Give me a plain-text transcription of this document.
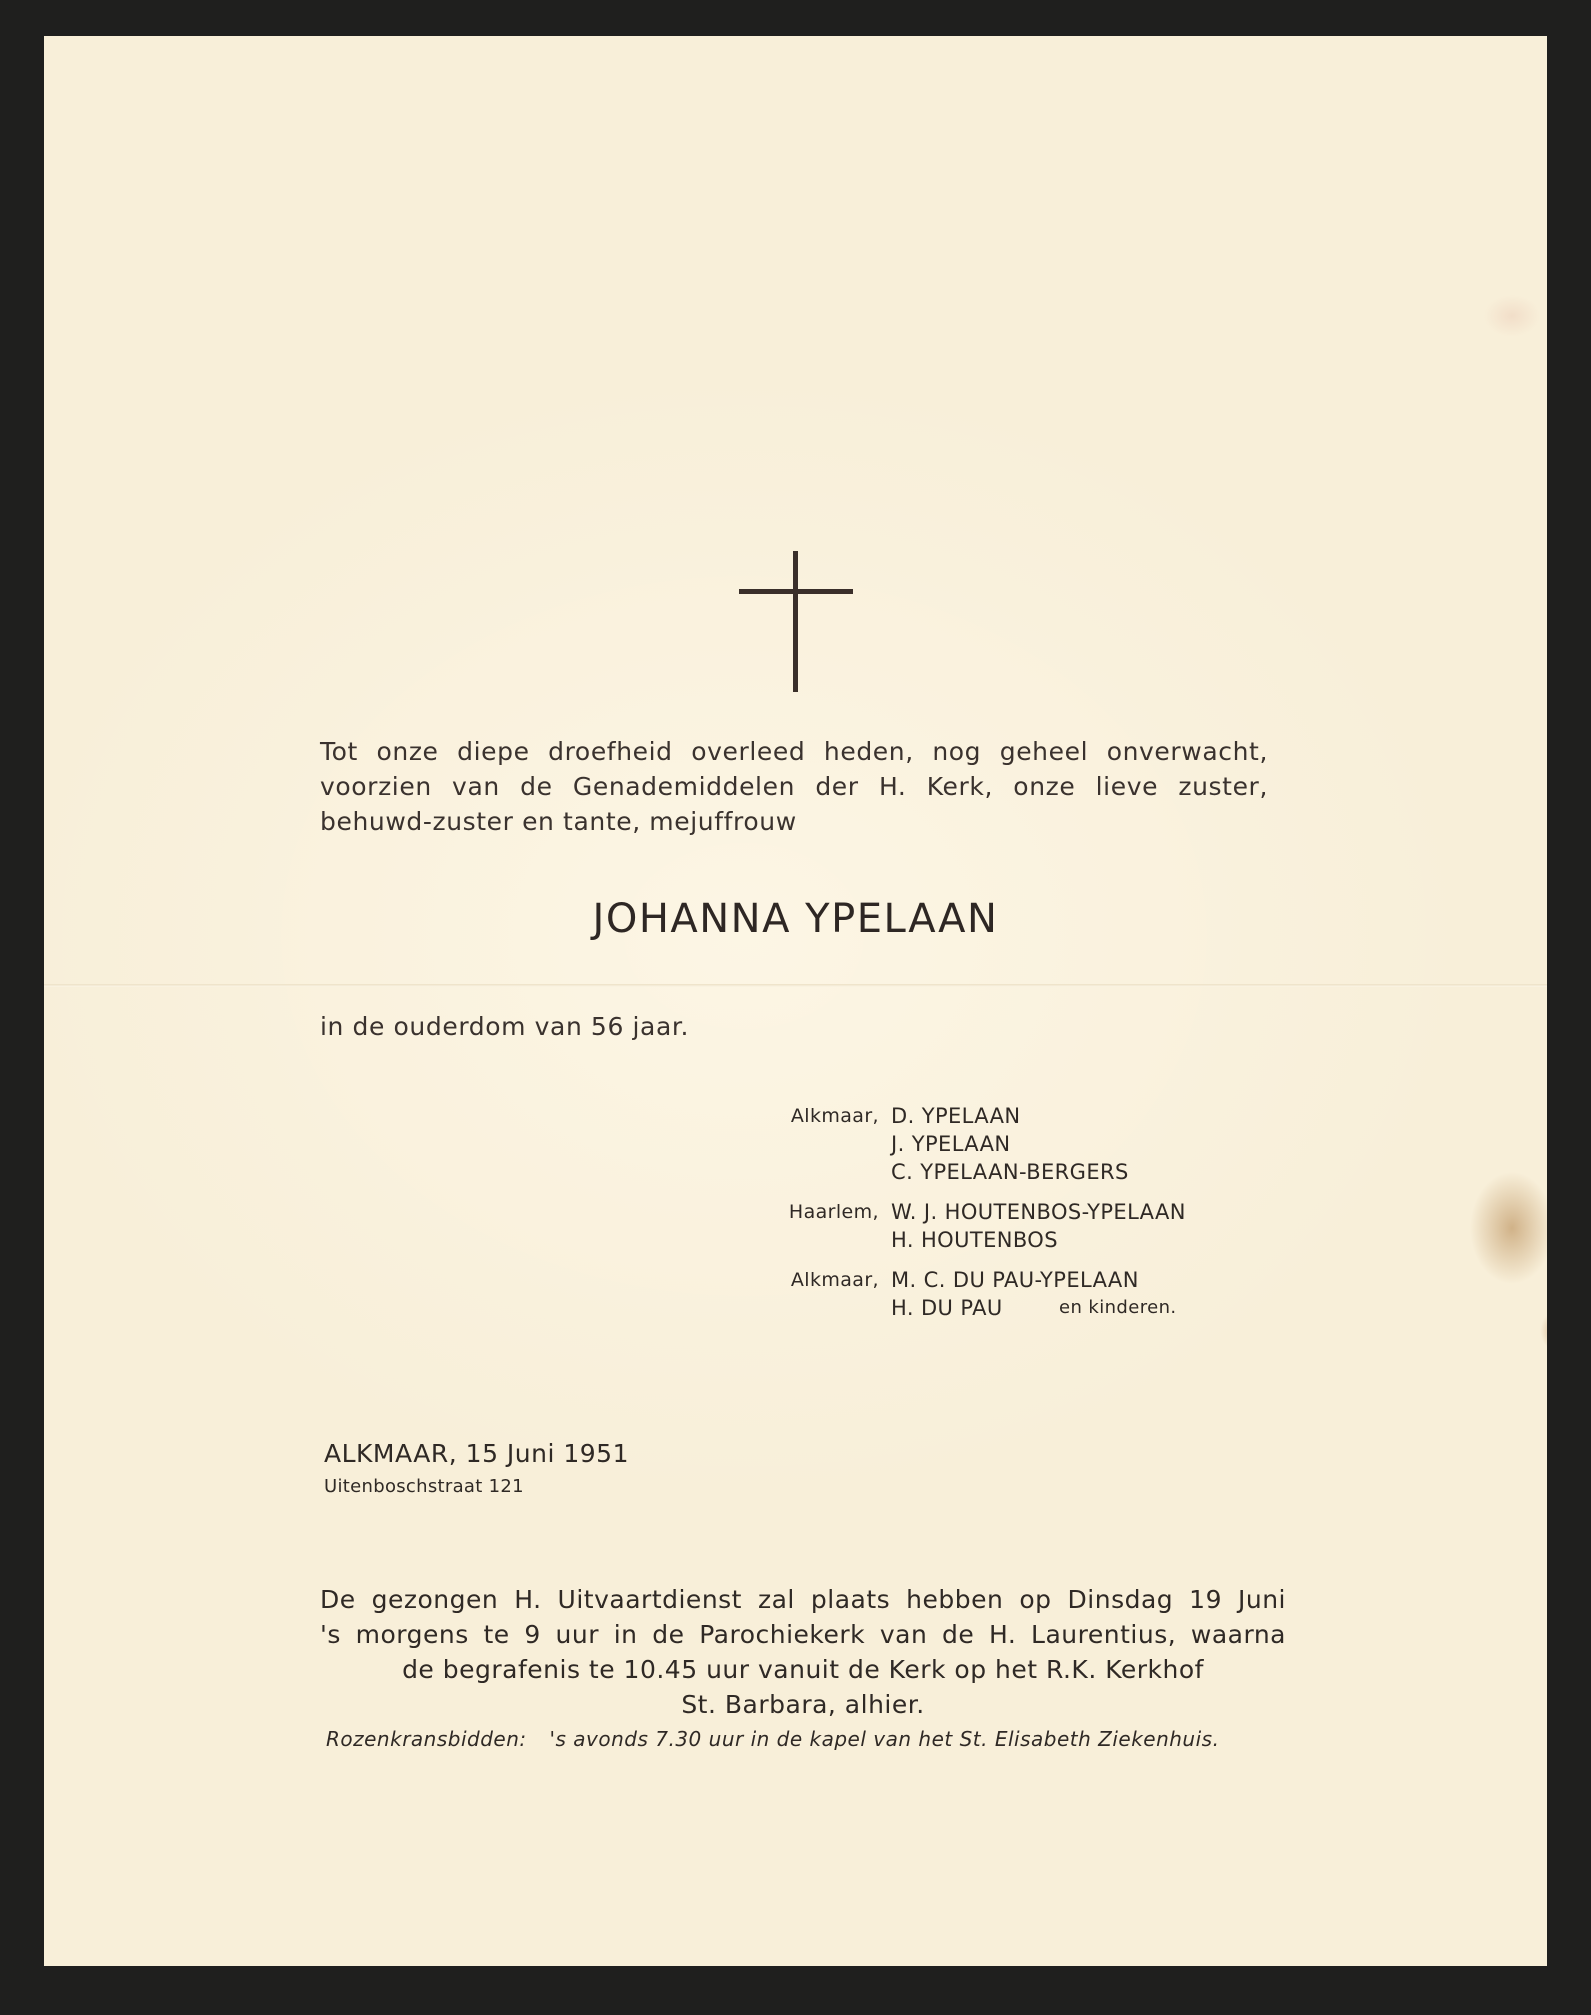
Tot onze diepe droefheid overleed heden, nog geheel onverwacht,
voorzien van de Genademiddelen der H. Kerk, onze lieve zuster,
behuwd-zuster en tante, mejuffrouw
JOHANNA YPELAAN
in de ouderdom van 56 jaar.
Alkmaar, D. YPELAAN
J. YPELAAN
C. YPELAAN-BERGERS
Haarlem, W. J. HOUTENBOS-YPELAAN
H. HOUTENBOS
Alkmaar, M. C. DU PAU-YPELAAN
H. DU PAU	en kinderen.
ALKMAAR, 15 Juni 1951
Uitenboschstraat 121
De gezongen H. Uitvaartdienst zal plaats hebben op Dinsdag 19 Juni
's morgens te 9 uur in de Parochiekerk van de H. Laurentius, waarna
de begrafenis te 10.45 uur vanuit de Kerk op het R.K. Kerkhof
St. Barbara, alhier.
Rozenkransbidden: 's avonds 7.30 uur in de kapel van het St. Elisabeth Ziekenhuis.
